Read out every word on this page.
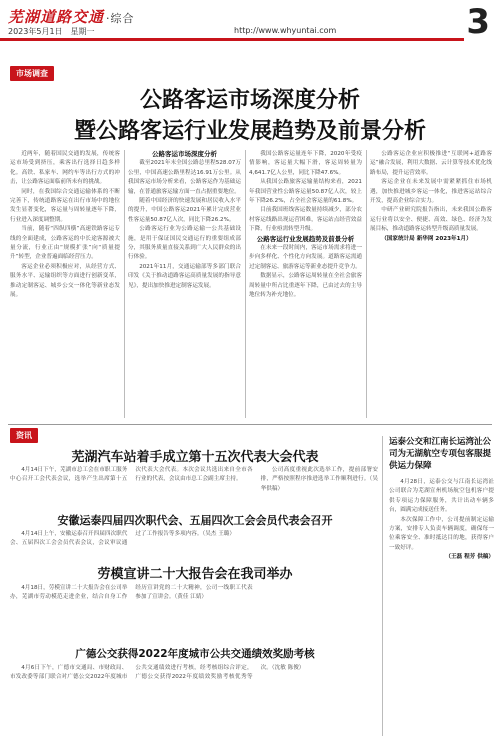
芜湖道路交通 ·综合	3
2023年5月1日 星期一	http://www.whyuntai.com
市场调查
公路客运市场深度分析
暨公路客运行业发展趋势及前景分析

近两年，随着国民交通的发展，传统客运市场受到挤压，乘客出行选择日趋多样化。高铁、私家车、网约车等出行方式的冲击，让公路客运面临前所未有的挑战。

同时，在我国综合交通运输体系的不断完善下，传统道路客运在出行市场中的地位发生显著变化，客运量与周转量逐年下降，行业进入深度调整期。

当前，随着“四纵四横”高速铁路客运专线的全面建成，公路客运的中长途客源被大量分流，行业正由“规模扩张”向“质量提升”转型，企业普遍面临经营压力。

客运企业必须积极应对，从经营方式、服务水平、运输组织等方面进行创新变革，推动定制客运、城乡公交一体化等新业态发展。

公路客运市场深度分析

截至2021年末全国公路总里程528.07万公里，中国高速公路里程达16.91万公里。从我国客运市场分析来看，公路客运作为基础运输，在普通旅客运输方面一直占据重要地位。

随着中国经济的快速发展和居民收入水平的提升，中国公路客运2021年累计完成营业性客运量50.87亿人次，同比下降26.2%。

公路客运行业为公路运输一公共基础设施，是用于保证国民交通运行的重要组成部分，其服务质量直接关系到广大人民群众的出行体验。

2021年11月，交通运输部等多部门联合印发《关于推动道路客运高质量发展的指导意见》，提出加快推进定制客运发展。

我国公路客运量连年下降，2020年受疫情影响，客运量大幅下滑，客运周转量为4,641.7亿人公里，同比下降47.6%。

从我国公路旅客运输量结构来看，2021年我国营业性公路客运量50.87亿人次，较上年下降26.2%，占全社会客运量的61.8%。

目前我国班线客运数量持续减少，部分农村客运线路出现运营困难，客运站点经营效益下降，行业亟需转型升级。

公路客运行业发展趋势及前景分析

在未来一段时间内，客运市场需求将进一步向多样化、个性化方向发展。道路客运需通过定制客运、旅游客运等新业态提升竞争力。

数据显示，公路客运周转量在全社会旅客周转量中所占比重逐年下降，已由过去的主导地位转为补充地位。

公路客运企业应积极推进“互联网+道路客运”融合发展，利用大数据、云计算等技术优化线路布局，提升运营效率。

客运企业在未来发展中需紧紧抓住市场机遇，加快推进城乡客运一体化，推进客运站综合开发，提高企业综合实力。

中研产业研究院报告指出，未来我国公路客运行业将以安全、便捷、高效、绿色、经济为发展目标，推动道路客运转型升级高质量发展。

（国家统计局 新华网 2023年1月）

资讯
芜湖汽车站着手成立第十五次代表大会代表

4月14日下午，芜湖市总工会在市职工服务中心召开工会代表会议，选举产生出席第十五次代表大会代表。本次会议共选出来自全市各行业的代表，会议由市总工会副主席主持。

公司高度重视此次选举工作，提前部署安排，严格按照程序推进选举工作顺利进行。（吴华供稿）

安徽运泰四届四次职代会、五届四次工会会员代表会召开

4月14日上午，安徽运泰召开四届四次职代会、五届四次工会会员代表会议，会议审议通过了工作报告等多项内容。（吴杰 王璐）

劳模宣讲二十大报告会在我司举办

4月18日，劳模宣讲二十大报告会在公司举办，芜湖市劳动模范走进企业，结合自身工作经历宣讲党的二十大精神，公司一线职工代表参加了宣讲会。（黄佳 江婧）

广德公交获得2022年度城市公共交通绩效奖励考核

4月6日下午，广德市交通局、市财政局、市发改委等部门联合对广德公交2022年度城市公共交通绩效进行考核，经考核组综合评定，广德公交获得2022年度绩效奖励考核优秀等次。（沈敏 陈俊）

运泰公交和江南长运湾沚公司为无湖航空专项包客服提供运力保障

4月28日，运泰公交与江南长运湾沚公司联合为芜湖宣州机场航空包机客户提供专项运力保障服务，共计出动车辆多台，圆满完成接送任务。

本次保障工作中，公司提前制定运输方案，安排专人负责车辆调度，确保每一位乘客安全、准时抵达目的地，获得客户一致好评。

（王磊 程芳 供稿）
